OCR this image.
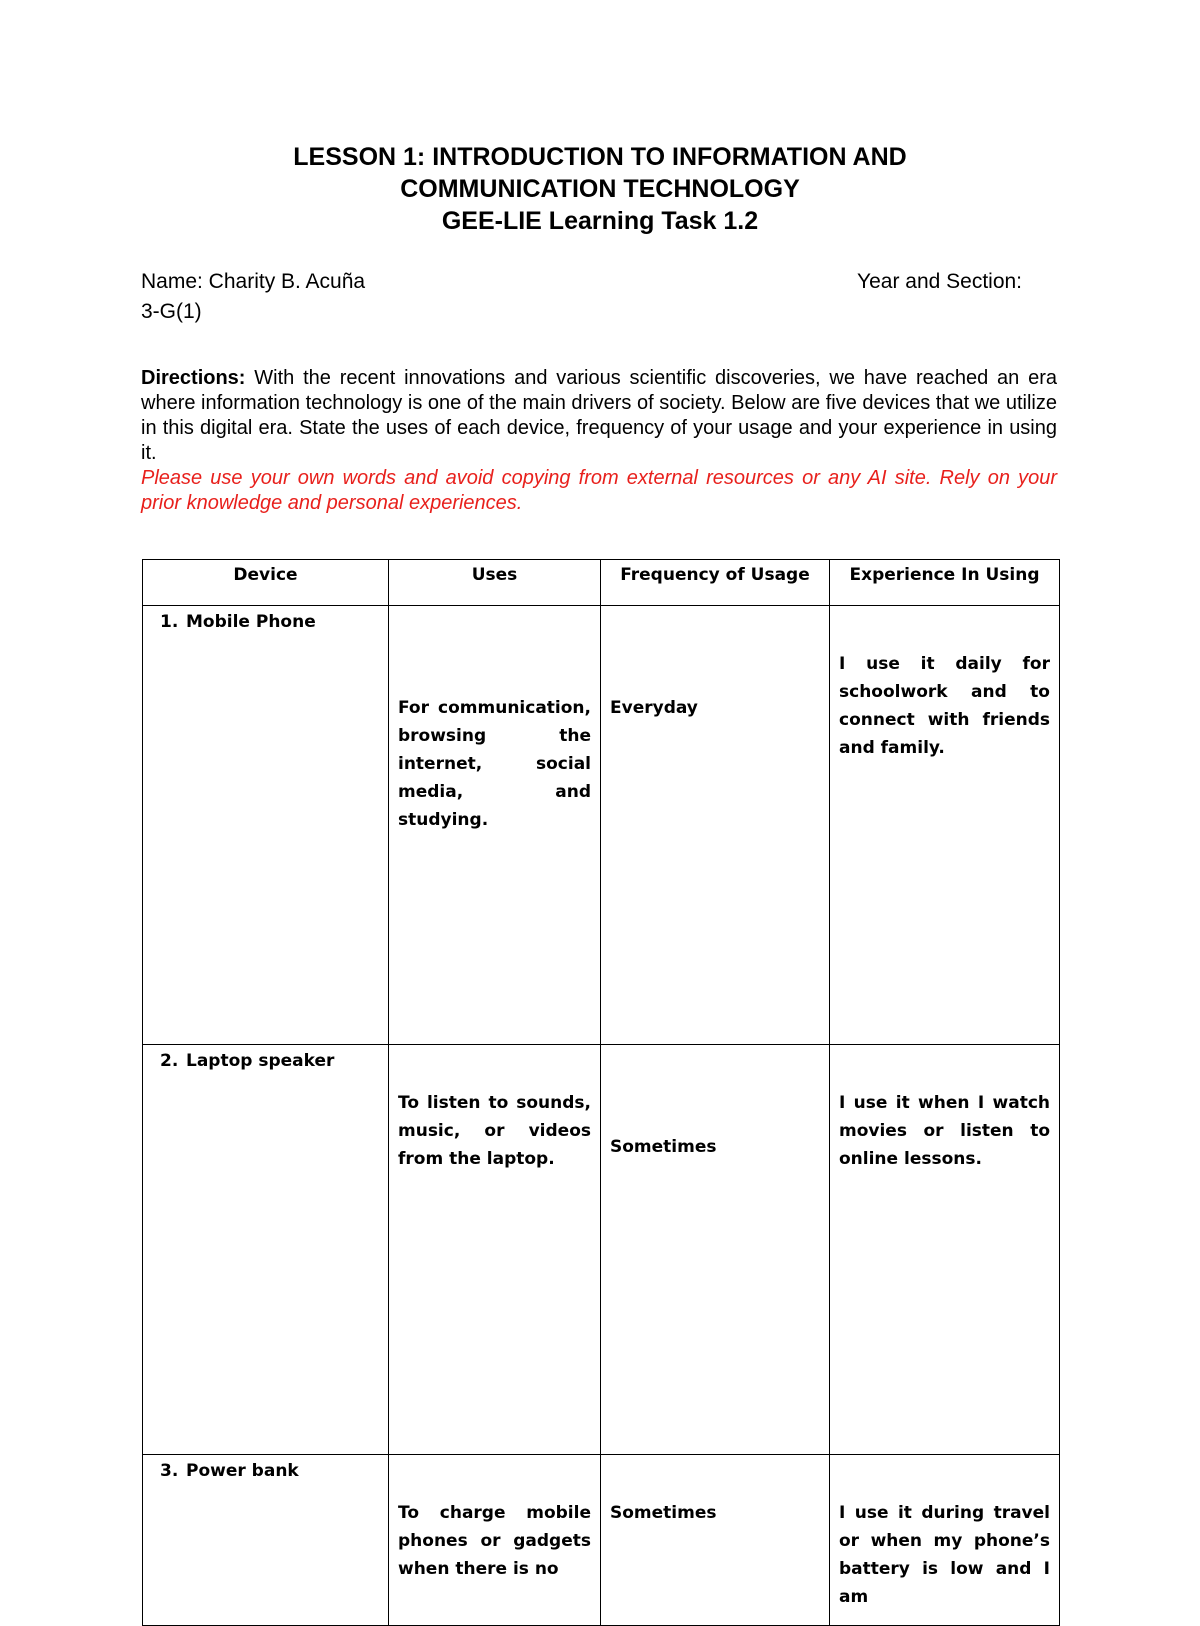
LESSON 1: INTRODUCTION TO INFORMATION AND
COMMUNICATION TECHNOLOGY
GEE-LIE Learning Task 1.2
Name: Charity B. Acuña	Year and Section:
3-G(1)

Directions: With the recent innovations and various scientific discoveries, we have reached an era where information technology is one of the main drivers of society. Below are five devices that we utilize in this digital era. State the uses of each device, frequency of your usage and your experience in using it.

Please use your own words and avoid copying from external resources or any AI site. Rely on your prior knowledge and personal experiences.

Device	Uses	Frequency of Usage	Experience In Using
1. Mobile Phone	For communication, browsing the internet, social media, and studying.	Everyday	I use it daily for schoolwork and to connect with friends and family.

2. Laptop speaker	To listen to sounds, music, or videos from the laptop.	Sometimes	I use it when I watch movies or listen to online lessons.

3. Power bank	To charge mobile phones or gadgets when there is no	Sometimes	I use it during travel or when my phone’s battery is low and I am
